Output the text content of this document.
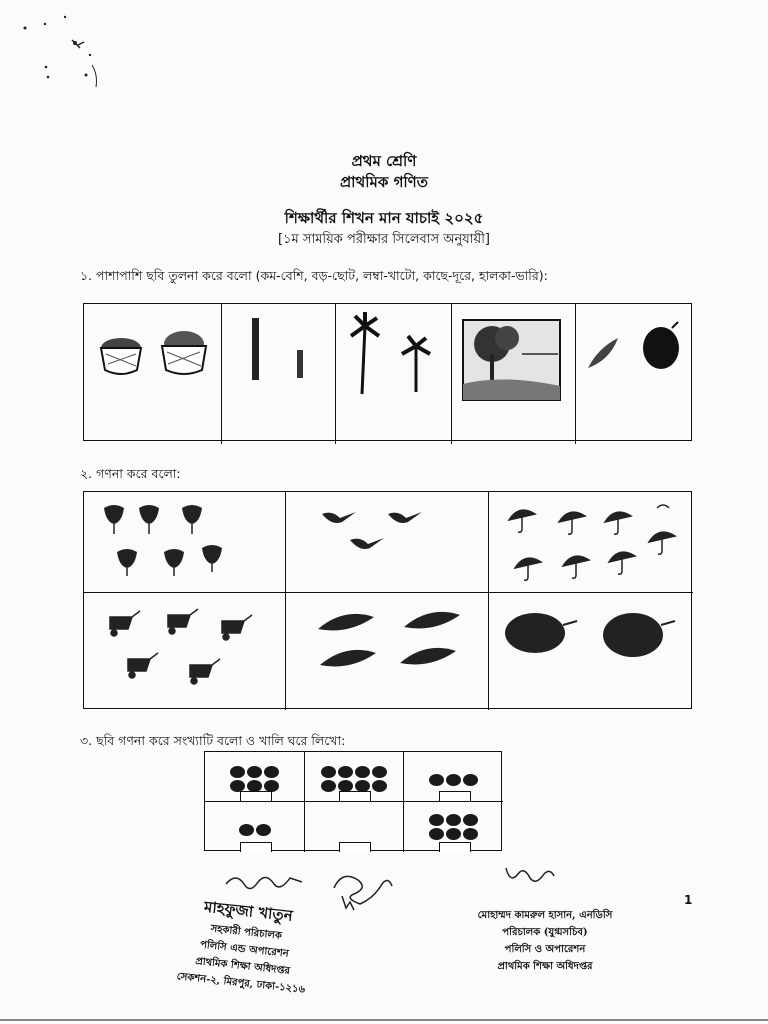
প্রথম শ্রেণি
প্রাথমিক গণিত
শিক্ষার্থীর শিখন মান যাচাই ২০২৫
[১ম সাময়িক পরীক্ষার সিলেবাস অনুযায়ী]
১. পাশাপাশি ছবি তুলনা করে বলো (কম-বেশি, বড়-ছোট, লম্বা-খাটো, কাছে-দূরে, হালকা-ভারি):
২. গণনা করে বলো:
৩. ছবি গণনা করে সংখ্যাটি বলো ও খালি ঘরে লিখো:
মাহফুজা খাতুন
সহকারী পরিচালক
পলিসি এন্ড অপারেশন
প্রাথমিক শিক্ষা অধিদপ্তর
সেকশন-২, মিরপুর, ঢাকা-১২১৬
মোহাম্মদ কামরুল হাসান, এনডিসি
পরিচালক (যুগ্মসচিব)
পলিসি ও অপারেশন
প্রাথমিক শিক্ষা অধিদপ্তর
1
